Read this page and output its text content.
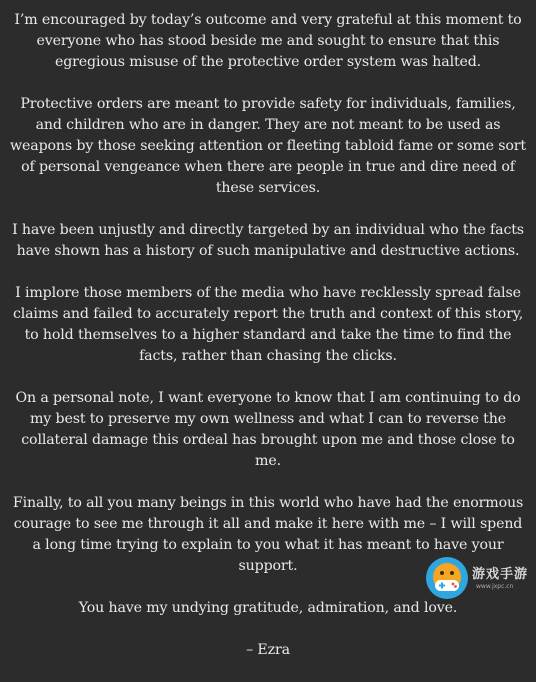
I’m encouraged by today’s outcome and very grateful at this moment to everyone who has stood beside me and sought to ensure that this egregious misuse of the protective order system was halted.

Protective orders are meant to provide safety for individuals, families, and children who are in danger. They are not meant to be used as weapons by those seeking attention or fleeting tabloid fame or some sort of personal vengeance when there are people in true and dire need of these services.

I have been unjustly and directly targeted by an individual who the facts have shown has a history of such manipulative and destructive actions.

I implore those members of the media who have recklessly spread false claims and failed to accurately report the truth and context of this story, to hold themselves to a higher standard and take the time to find the facts, rather than chasing the clicks.

On a personal note, I want everyone to know that I am continuing to do my best to preserve my own wellness and what I can to reverse the collateral damage this ordeal has brought upon me and those close to me.

Finally, to all you many beings in this world who have had the enormous courage to see me through it all and make it here with me – I will spend a long time trying to explain to you what it has meant to have your support.

You have my undying gratitude, admiration, and love.

– Ezra

游戏手游
www.jxpc.cn
